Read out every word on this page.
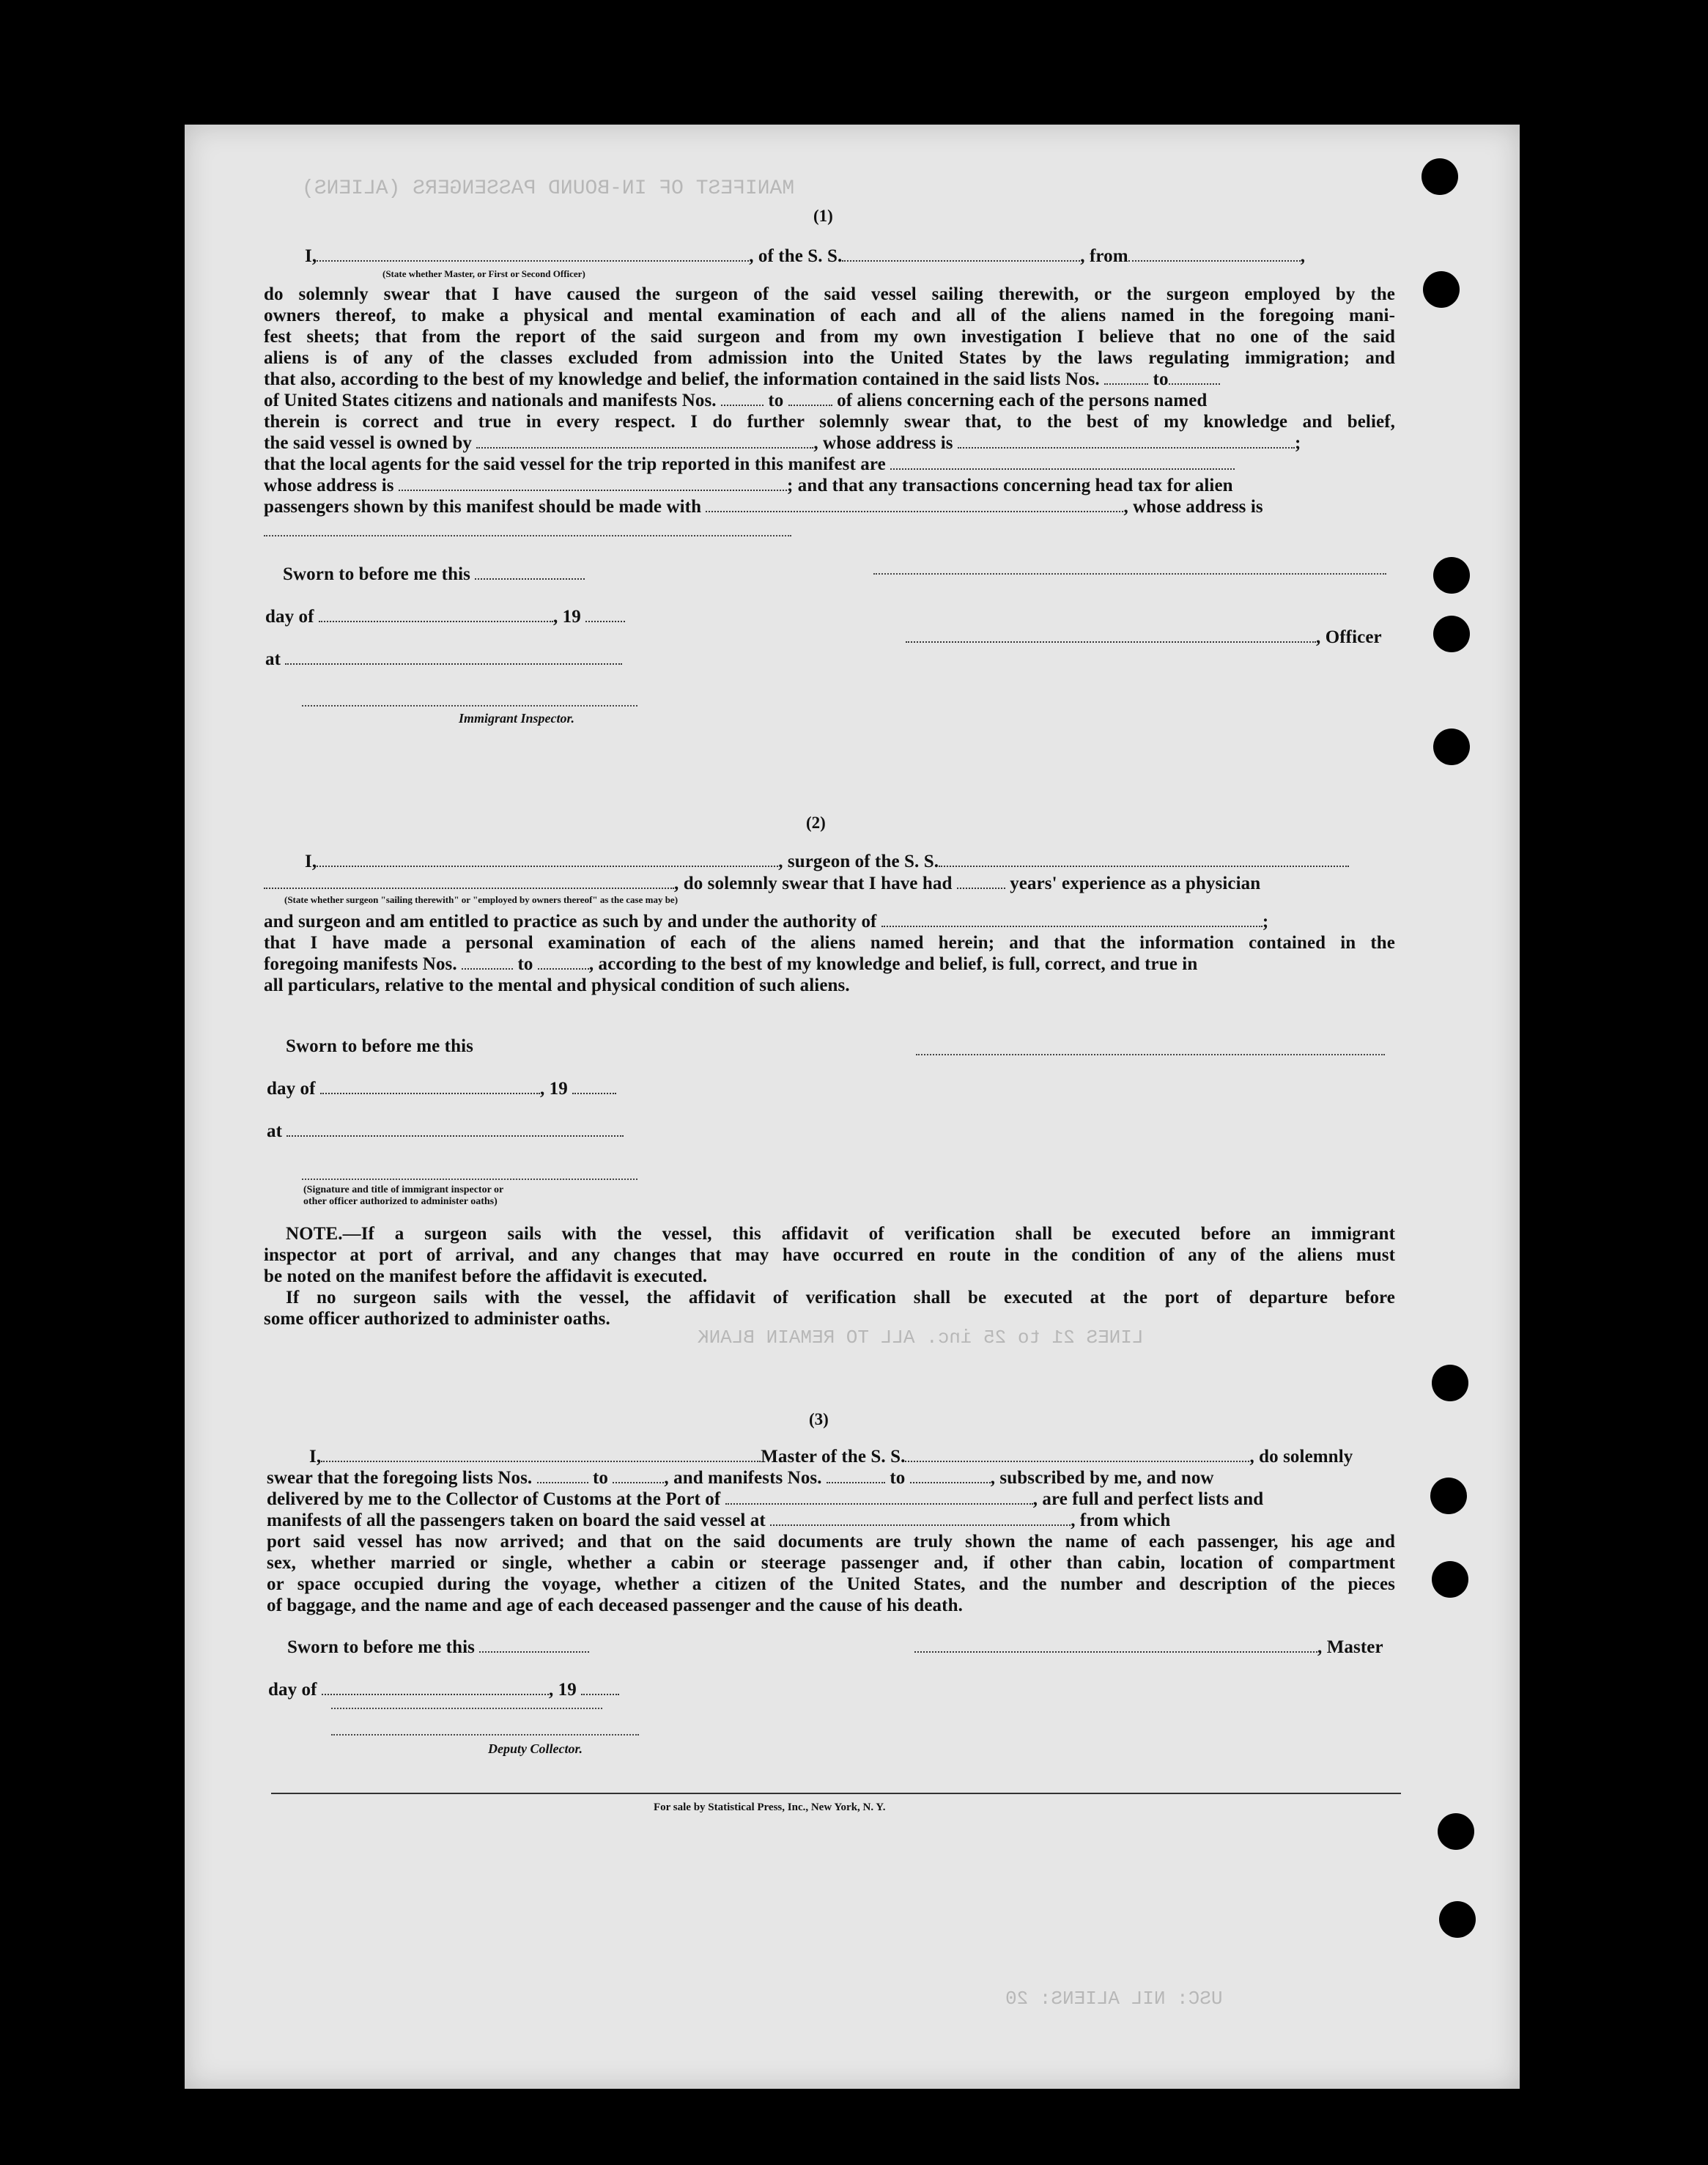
MANIFEST OF IN-BOUND PASSENGERS (ALIENS)
LINES 21 to 25 inc. ALL TO REMAIN BLANK
USC: NIL ALIENS: 20
(1)
I,	, of the S. S.	, from	,
(State whether Master, or First or Second Officer)
do solemnly swear that I have caused the surgeon of the said vessel sailing therewith, or the surgeon employed by the
owners thereof, to make a physical and mental examination of each and all of the aliens named in the foregoing mani-
fest sheets; that from the report of the said surgeon and from my own investigation I believe that no one of the said
aliens is of any of the classes excluded from admission into the United States by the laws regulating immigration; and
that also, according to the best of my knowledge and belief, the information contained in the said lists Nos.	to
of United States citizens and nationals and manifests Nos.	to	of aliens concerning each of the persons named
therein is correct and true in every respect. I do further solemnly swear that, to the best of my knowledge and belief,
the said vessel is owned by	, whose address is	;
that the local agents for the said vessel for the trip reported in this manifest are
whose address is	; and that any transactions concerning head tax for alien
passengers shown by this manifest should be made with	, whose address is
Sworn to before me this
day of	, 19
at
Immigrant Inspector.
, Officer
(2)
I,	, surgeon of the S. S.
, do solemnly swear that I have had	years' experience as a physician
(State whether surgeon "sailing therewith" or "employed by owners thereof" as the case may be)
and surgeon and am entitled to practice as such by and under the authority of	;
that I have made a personal examination of each of the aliens named herein; and that the information contained in the
foregoing manifests Nos.	to	, according to the best of my knowledge and belief, is full, correct, and true in
all particulars, relative to the mental and physical condition of such aliens.
Sworn to before me this
day of	, 19
at
(Signature and title of immigrant inspector or
other officer authorized to administer oaths)
NOTE.—If a surgeon sails with the vessel, this affidavit of verification shall be executed before an immigrant
inspector at port of arrival, and any changes that may have occurred en route in the condition of any of the aliens must
be noted on the manifest before the affidavit is executed.
If no surgeon sails with the vessel, the affidavit of verification shall be executed at the port of departure before
some officer authorized to administer oaths.
(3)
I,	Master of the S. S.	, do solemnly
swear that the foregoing lists Nos.	to	, and manifests Nos.	to	, subscribed by me, and now
delivered by me to the Collector of Customs at the Port of	, are full and perfect lists and
manifests of all the passengers taken on board the said vessel at	, from which
port said vessel has now arrived; and that on the said documents are truly shown the name of each passenger, his age and
sex, whether married or single, whether a cabin or steerage passenger and, if other than cabin, location of compartment
or space occupied during the voyage, whether a citizen of the United States, and the number and description of the pieces
of baggage, and the name and age of each deceased passenger and the cause of his death.
Sworn to before me this	, Master
day of	, 19
Deputy Collector.
For sale by Statistical Press, Inc., New York, N. Y.
